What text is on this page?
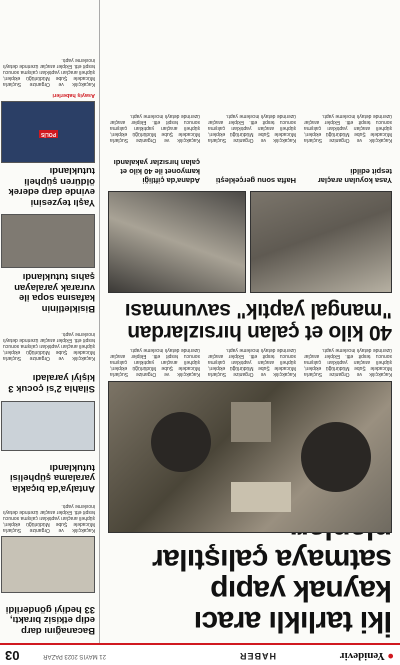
● Yenidevir
HABER
21 MAYIS 2023 PAZAR
03
İki tarlıklı aracı kaynak yapıp satmaya çalıştılar
Kaçakçılık ve Organize Suçlarla Mücadele Şube Müdürlüğü ekipleri, şüpheli araçları yaptıkları çalışma sonucu tespit etti. Ekipler araçlar üzerinde detaylı inceleme yaptı.
Kaçakçılık ve Organize Suçlarla Mücadele Şube Müdürlüğü ekipleri, şüpheli araçları yaptıkları çalışma sonucu tespit etti. Ekipler araçlar üzerinde detaylı inceleme yaptı.
Kaçakçılık ve Organize Suçlarla Mücadele Şube Müdürlüğü ekipleri, şüpheli araçları yaptıkları çalışma sonucu tespit etti. Ekipler araçlar üzerinde detaylı inceleme yaptı.
40 kilo et çalan hırsızlardan "mangal yaptık" savunması
Yasa koyulan araçlar tespit edildi
Hafta sonu gerçekleşti
Adana'da çiftliği kamyonet ile 40 kilo et çalan hırsızlar yakalandı
Kaçakçılık ve Organize Suçlarla Mücadele Şube Müdürlüğü ekipleri, şüpheli araçları yaptıkları çalışma sonucu tespit etti. Ekipler araçlar üzerinde detaylı inceleme yaptı.
Kaçakçılık ve Organize Suçlarla Mücadele Şube Müdürlüğü ekipleri, şüpheli araçları yaptıkları çalışma sonucu tespit etti. Ekipler araçlar üzerinde detaylı inceleme yaptı.
Kaçakçılık ve Organize Suçlarla Mücadele Şube Müdürlüğü ekipleri, şüpheli araçları yaptıkları çalışma sonucu tespit etti. Ekipler araçlar üzerinde detaylı inceleme yaptı.
Bacanağını darp edip etkisiz bıraktı, 33 hediyi gönderildi
Kaçakçılık ve Organize Suçlarla Mücadele Şube Müdürlüğü ekipleri, şüpheli araçları yaptıkları çalışma sonucu tespit etti. Ekipler araçlar üzerinde detaylı inceleme yaptı.
Antalya'da bıçakla yaralama şüphelisi tutuklandı
Silahla 2'si çocuk 3 kişiyi yaraladı
Kaçakçılık ve Organize Suçlarla Mücadele Şube Müdürlüğü ekipleri, şüpheli araçları yaptıkları çalışma sonucu tespit etti. Ekipler araçlar üzerinde detaylı inceleme yaptı.
Bisikletlinin kafasına sopa ile vurarak yaralayan şahıs tutuklandı
Yaşlı teyzesini evinde darp ederek öldüren şüpheli tutuklandı
POLİS
Asayiş haberleri
Kaçakçılık ve Organize Suçlarla Mücadele Şube Müdürlüğü ekipleri, şüpheli araçları yaptıkları çalışma sonucu tespit etti. Ekipler araçlar üzerinde detaylı inceleme yaptı.
